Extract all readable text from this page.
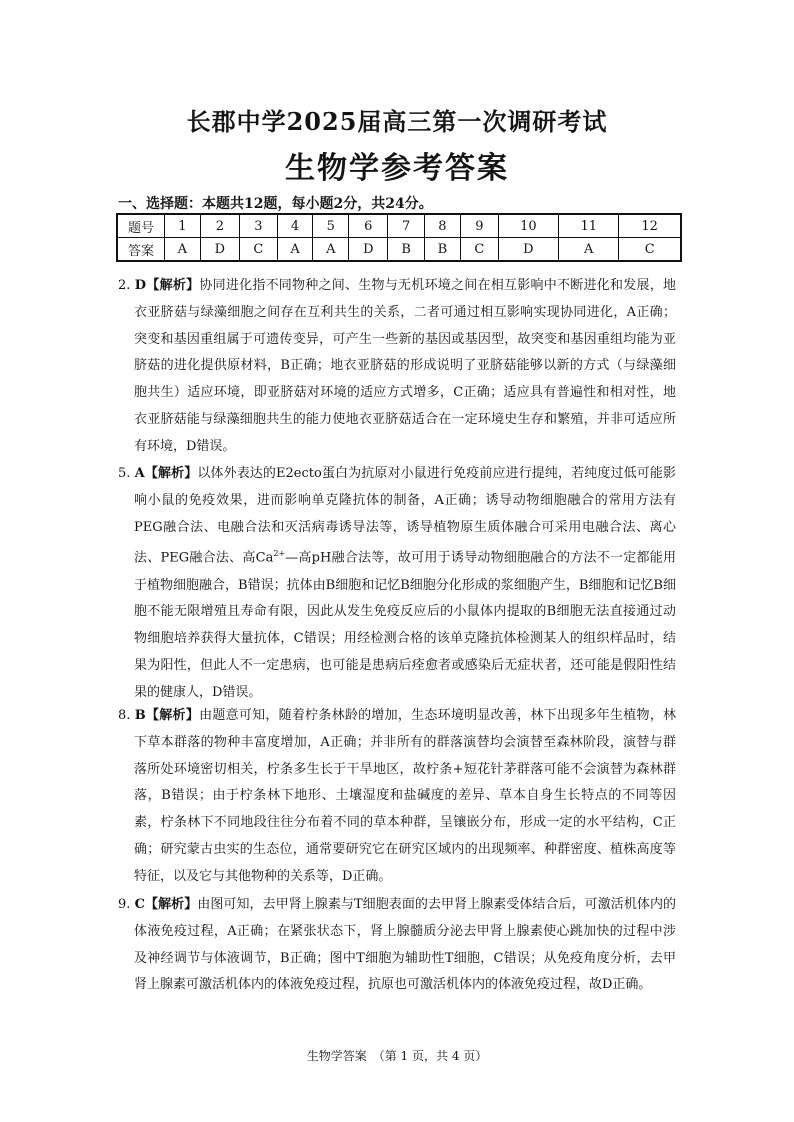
长郡中学2025届高三第一次调研考试
生物学参考答案
一、选择题：本题共12题，每小题2分，共24分。
题号	1	2	3	4	5	6	7	8	9	10	11	12
答案	A	D	C	A	A	D	B	B	C	D	A	C

2. D【解析】协同进化指不同物种之间、生物与无机环境之间在相互影响中不断进化和发展，地衣亚脐菇与绿藻细胞之间存在互利共生的关系，二者可通过相互影响实现协同进化，A正确；突变和基因重组属于可遗传变异，可产生一些新的基因或基因型，故突变和基因重组均能为亚脐菇的进化提供原材料，B正确；地衣亚脐菇的形成说明了亚脐菇能够以新的方式（与绿藻细胞共生）适应环境，即亚脐菇对环境的适应方式增多，C正确；适应具有普遍性和相对性，地衣亚脐菇能与绿藻细胞共生的能力使地衣亚脐菇适合在一定环境史生存和繁殖，并非可适应所有环境，D错误。

5. A【解析】以体外表达的E2ecto蛋白为抗原对小鼠进行免疫前应进行提纯，若纯度过低可能影响小鼠的免疫效果，进而影响单克隆抗体的制备，A正确；诱导动物细胞融合的常用方法有PEG融合法、电融合法和灭活病毒诱导法等，诱导植物原生质体融合可采用电融合法、离心法、PEG融合法、高$Ca^{2+}—$高pH融合法等，故可用于诱导动物细胞融合的方法不一定都能用于植物细胞融合，B错误；抗体由B细胞和记忆B细胞分化形成的浆细胞产生，B细胞和记忆B细胞不能无限增殖且寿命有限，因此从发生免疫反应后的小鼠体内提取的B细胞无法直接通过动物细胞培养获得大量抗体，C错误；用经检测合格的该单克隆抗体检测某人的组织样品时，结果为阳性，但此人不一定患病，也可能是患病后痊愈者或感染后无症状者，还可能是假阳性结果的健康人，D错误。

8. B【解析】由题意可知，随着柠条林龄的增加，生态环境明显改善，林下出现多年生植物，林下草本群落的物种丰富度增加，A正确；并非所有的群落演替均会演替至森林阶段，演替与群落所处环境密切相关，柠条多生长于干旱地区，故柠条+短花针茅群落可能不会演替为森林群落，B错误；由于柠条林下地形、土壤湿度和盐碱度的差异、草本自身生长特点的不同等因素，柠条林下不同地段往往分布着不同的草本种群，呈镶嵌分布，形成一定的水平结构，C正确；研究蒙古虫实的生态位，通常要研究它在研究区域内的出现频率、种群密度、植株高度等特征，以及它与其他物种的关系等，D正确。

9. C【解析】由图可知，去甲肾上腺素与T细胞表面的去甲肾上腺素受体结合后，可激活机体内的体液免疫过程，A正确；在紧张状态下，肾上腺髓质分泌去甲肾上腺素使心跳加快的过程中涉及神经调节与体液调节，B正确；图中T细胞为辅助性T细胞，C错误；从免疫角度分析，去甲肾上腺素可激活机体内的体液免疫过程，抗原也可激活机体内的体液免疫过程，故D正确。

生物学答案　（第 1 页，共 4 页）
